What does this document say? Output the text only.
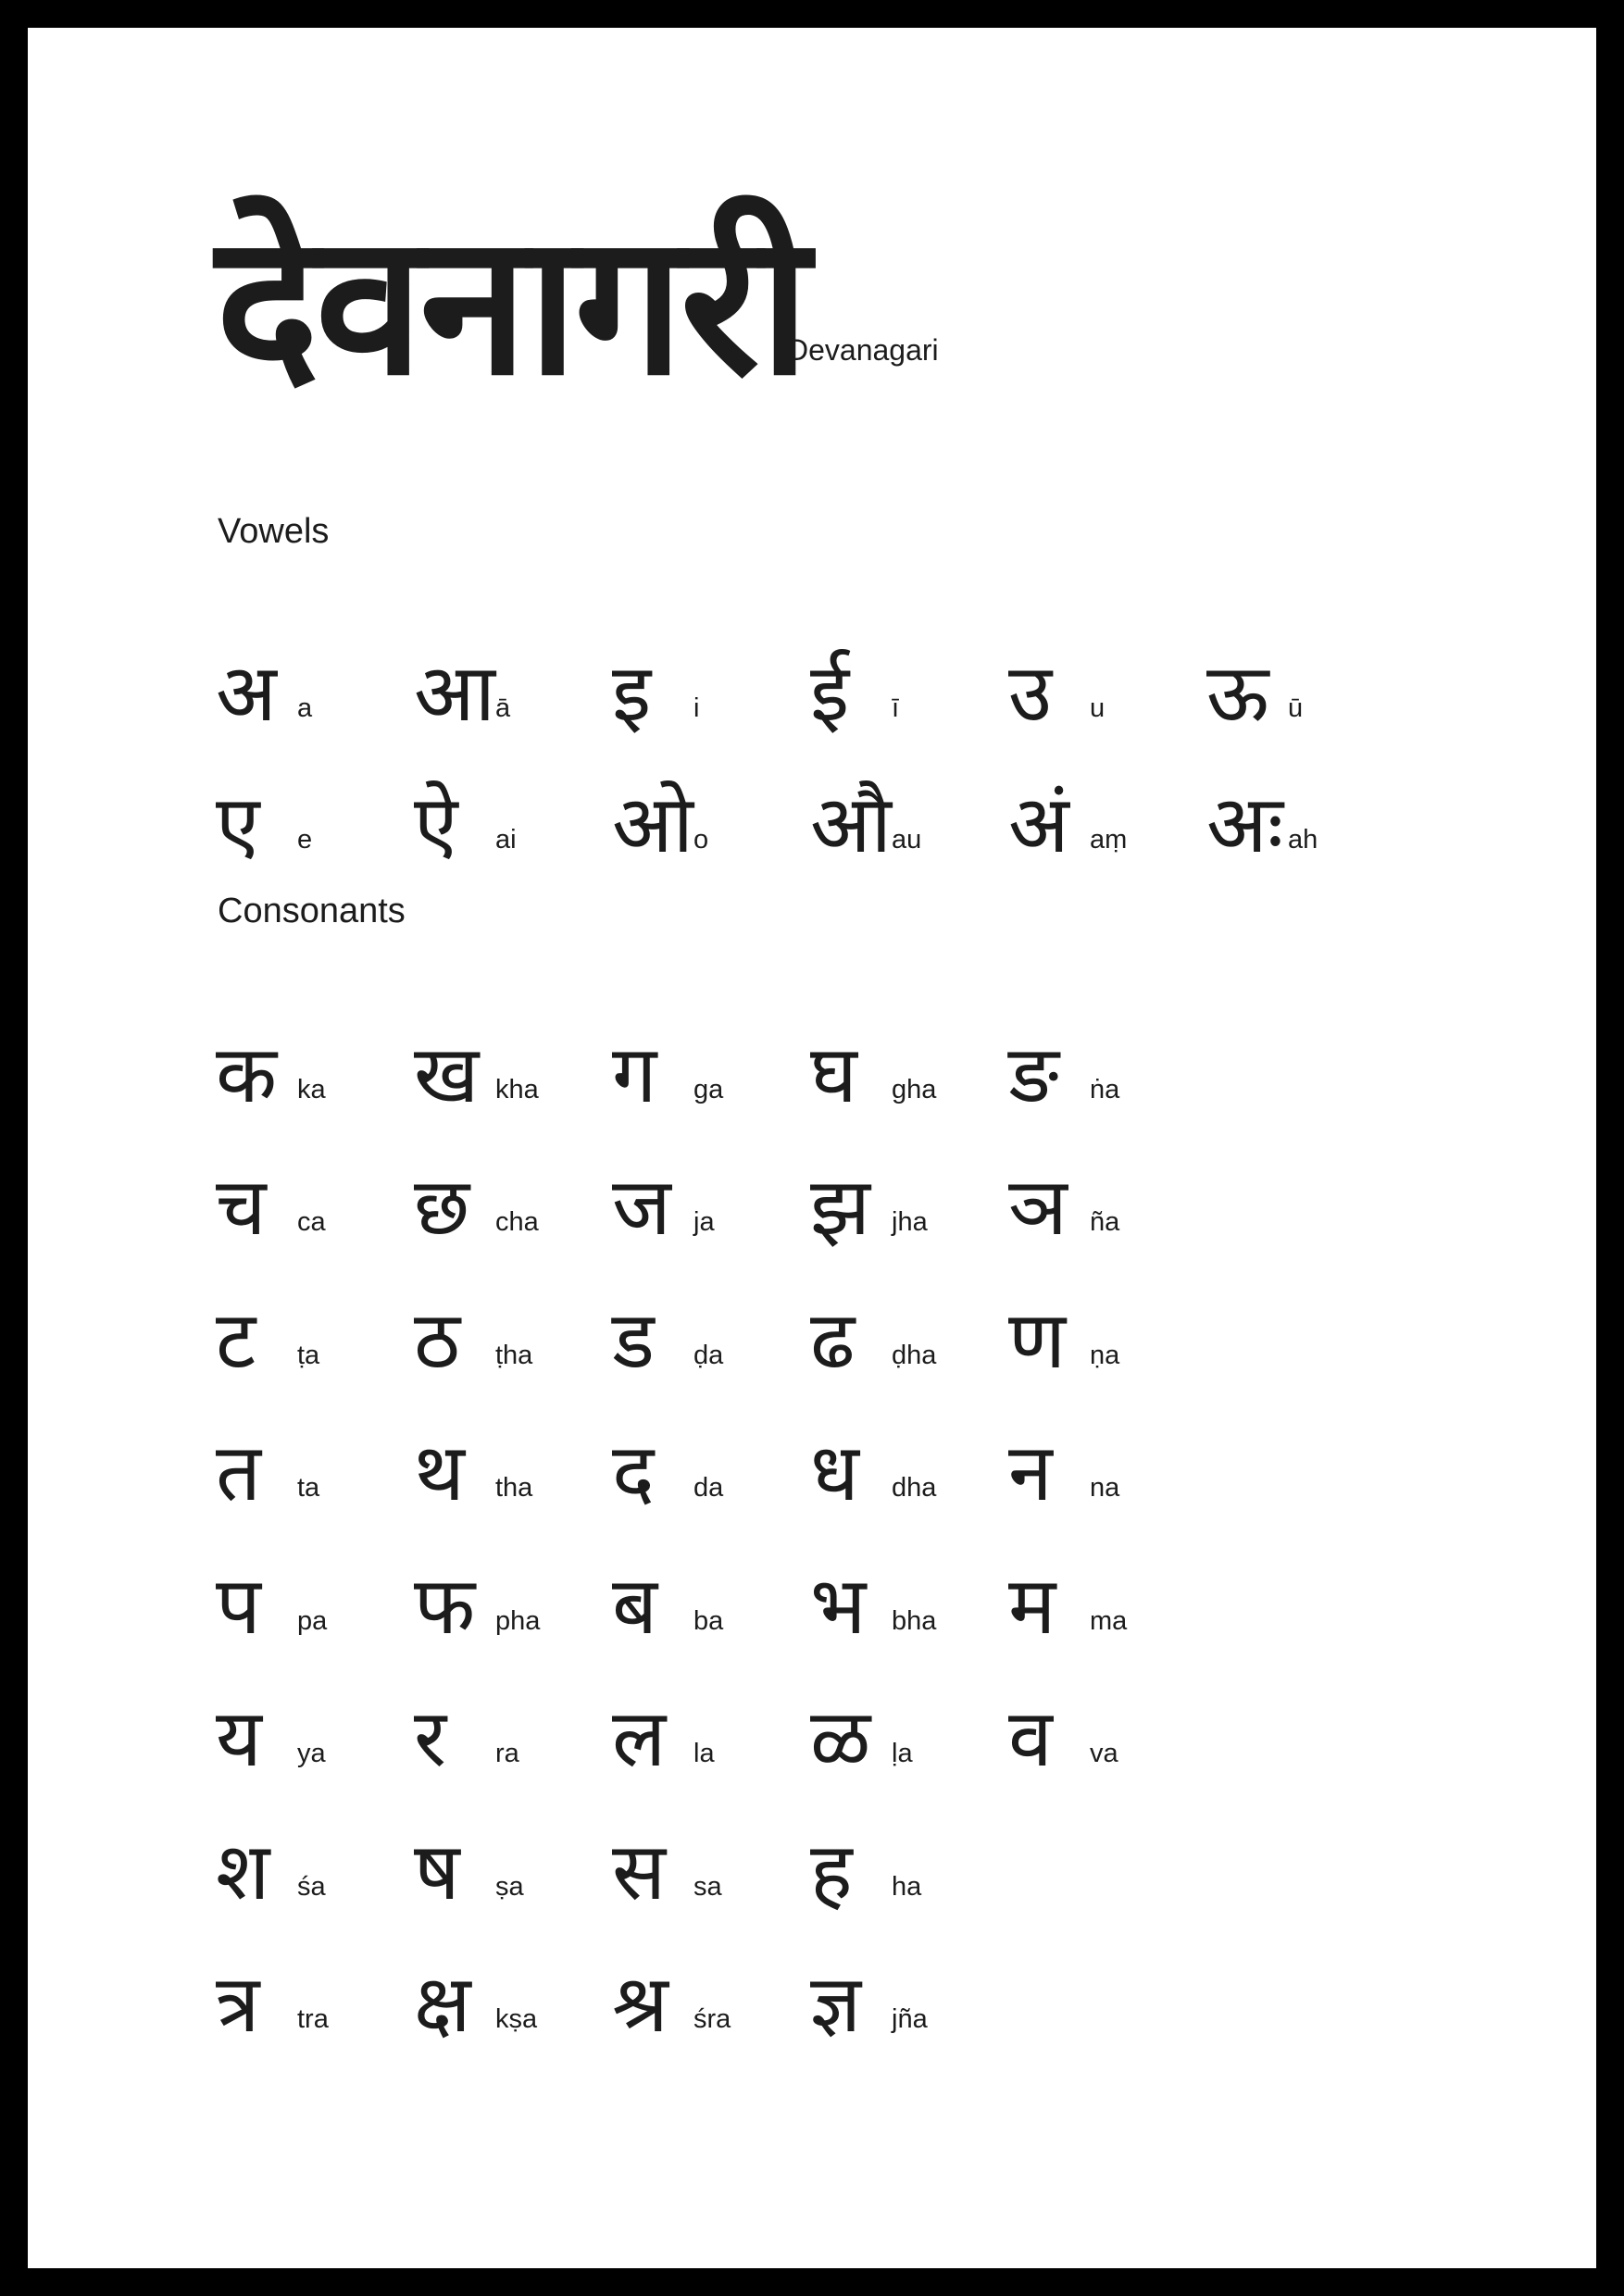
देवनागरी
Devanagari
Vowels
अ a आ ā इ	i ई	ī उ	u ऊ ū
ए	e ऐ	ai ओ o औ au अं aṃ अः ah
Consonants
क ka ख kha ग	ga घ	gha ङ	ṅa
च	ca छ cha ज ja झ jha ञ ña
ट	ṭa ठ	ṭha ड	ḍa ढ	ḍha ण ṇa
त	ta थ	tha द	da ध	dha न	na
प	pa फ pha ब	ba भ bha म	ma
य	ya र	ra ल	la ळ ḷa व	va
श	śa ष	ṣa स	sa ह	ha
त्र	tra क्ष kṣa श्र śra ज्ञ	jña
